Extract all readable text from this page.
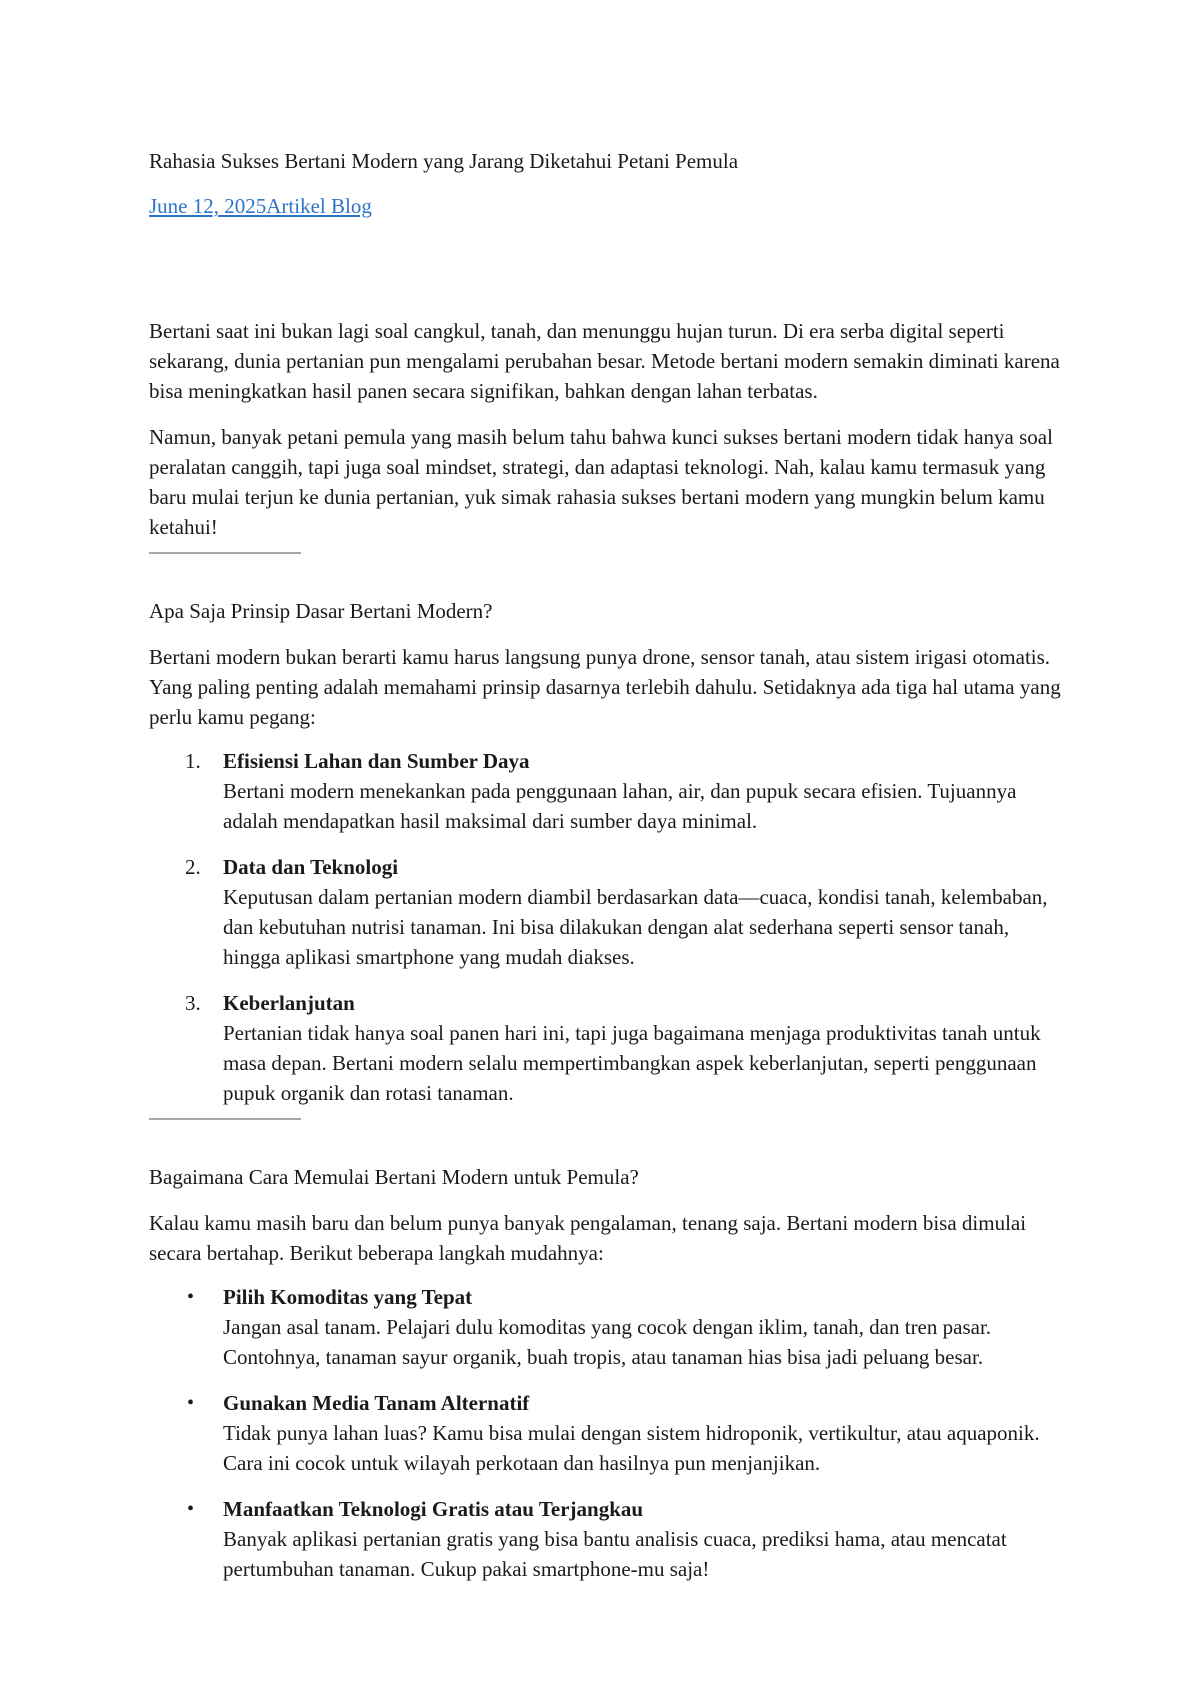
Rahasia Sukses Bertani Modern yang Jarang Diketahui Petani Pemula
June 12, 2025Artikel Blog

Bertani saat ini bukan lagi soal cangkul, tanah, dan menunggu hujan turun. Di era serba digital seperti sekarang, dunia pertanian pun mengalami perubahan besar. Metode bertani modern semakin diminati karena bisa meningkatkan hasil panen secara signifikan, bahkan dengan lahan terbatas.

Namun, banyak petani pemula yang masih belum tahu bahwa kunci sukses bertani modern tidak hanya soal peralatan canggih, tapi juga soal mindset, strategi, dan adaptasi teknologi. Nah, kalau kamu termasuk yang baru mulai terjun ke dunia pertanian, yuk simak rahasia sukses bertani modern yang mungkin belum kamu ketahui!

Apa Saja Prinsip Dasar Bertani Modern?

Bertani modern bukan berarti kamu harus langsung punya drone, sensor tanah, atau sistem irigasi otomatis. Yang paling penting adalah memahami prinsip dasarnya terlebih dahulu. Setidaknya ada tiga hal utama yang perlu kamu pegang:

1. Efisiensi Lahan dan Sumber Daya
Bertani modern menekankan pada penggunaan lahan, air, dan pupuk secara efisien. Tujuannya adalah mendapatkan hasil maksimal dari sumber daya minimal.
2. Data dan Teknologi
Keputusan dalam pertanian modern diambil berdasarkan data—cuaca, kondisi tanah, kelembaban, dan kebutuhan nutrisi tanaman. Ini bisa dilakukan dengan alat sederhana seperti sensor tanah, hingga aplikasi smartphone yang mudah diakses.
3. Keberlanjutan
Pertanian tidak hanya soal panen hari ini, tapi juga bagaimana menjaga produktivitas tanah untuk masa depan. Bertani modern selalu mempertimbangkan aspek keberlanjutan, seperti penggunaan pupuk organik dan rotasi tanaman.
Bagaimana Cara Memulai Bertani Modern untuk Pemula?

Kalau kamu masih baru dan belum punya banyak pengalaman, tenang saja. Bertani modern bisa dimulai secara bertahap. Berikut beberapa langkah mudahnya:

• Pilih Komoditas yang Tepat
Jangan asal tanam. Pelajari dulu komoditas yang cocok dengan iklim, tanah, dan tren pasar. Contohnya, tanaman sayur organik, buah tropis, atau tanaman hias bisa jadi peluang besar.
• Gunakan Media Tanam Alternatif
Tidak punya lahan luas? Kamu bisa mulai dengan sistem hidroponik, vertikultur, atau aquaponik. Cara ini cocok untuk wilayah perkotaan dan hasilnya pun menjanjikan.
• Manfaatkan Teknologi Gratis atau Terjangkau
Banyak aplikasi pertanian gratis yang bisa bantu analisis cuaca, prediksi hama, atau mencatat pertumbuhan tanaman. Cukup pakai smartphone-mu saja!
